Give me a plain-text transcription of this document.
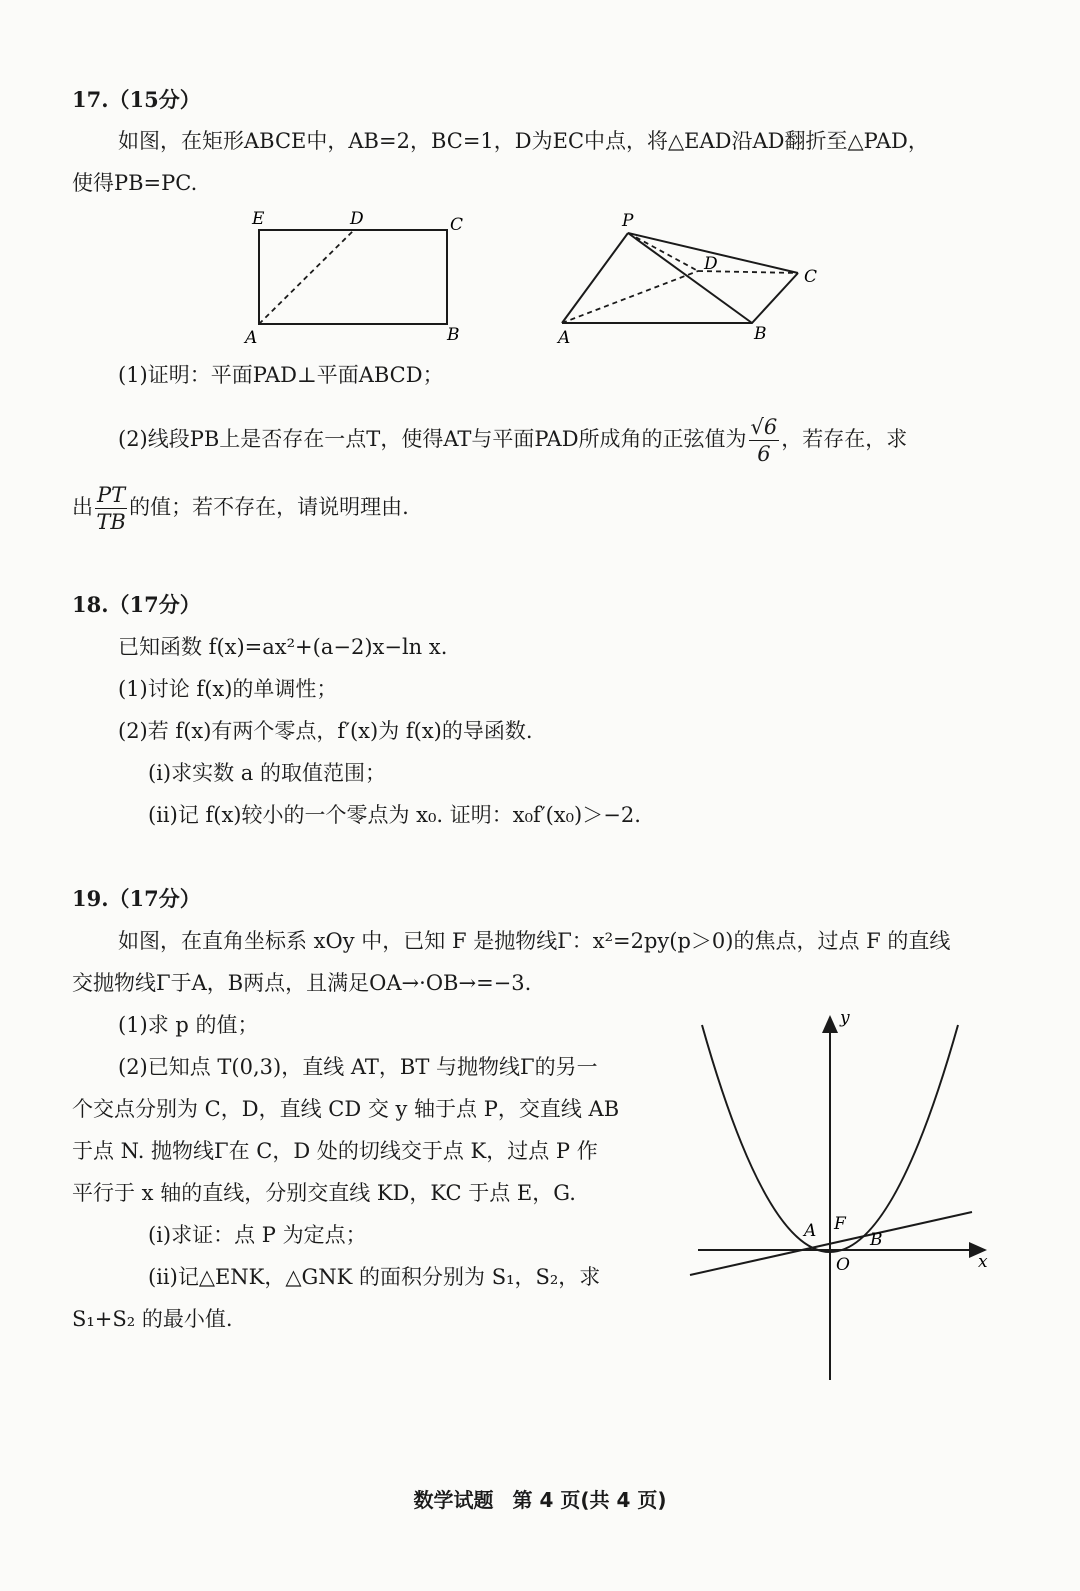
17.（15分）
如图，在矩形ABCE中，AB=2，BC=1，D为EC中点，将△EAD沿AD翻折至△PAD，
使得PB=PC.
E	D	C
A	B
P
D
C
A	B
(1)证明：平面PAD⊥平面ABCD；
(2)线段PB上是否存在一点T，使得AT与平面PAD所成角的正弦值为 $\frac{√6}{6}$ ，若存在，求
出 $\frac{PT}{TB}$ 的值；若不存在，请说明理由.
18.（17分）
已知函数 f(x)=ax²+(a−2)x−ln x.
(1)讨论 f(x)的单调性；
(2)若 f(x)有两个零点，f′(x)为 f(x)的导函数.
(i)求实数 a 的取值范围；
(ii)记 f(x)较小的一个零点为 x₀. 证明：x₀f′(x₀)＞−2.
19.（17分）
如图，在直角坐标系 xOy 中，已知 F 是抛物线Γ：x²=2py(p＞0)的焦点，过点 F 的直线
交抛物线Γ于A，B两点，且满足OA→·OB→=−3.
(1)求 p 的值；
(2)已知点 T(0,3)，直线 AT，BT 与抛物线Γ的另一
个交点分别为 C，D，直线 CD 交 y 轴于点 P，交直线 AB
于点 N. 抛物线Γ在 C，D 处的切线交于点 K，过点 P 作
平行于 x 轴的直线，分别交直线 KD，KC 于点 E，G.
(i)求证：点 P 为定点；
(ii)记△ENK，△GNK 的面积分别为 S₁，S₂，求
S₁+S₂ 的最小值.
y
x
O
A F
B
数学试题 第 4 页(共 4 页)
